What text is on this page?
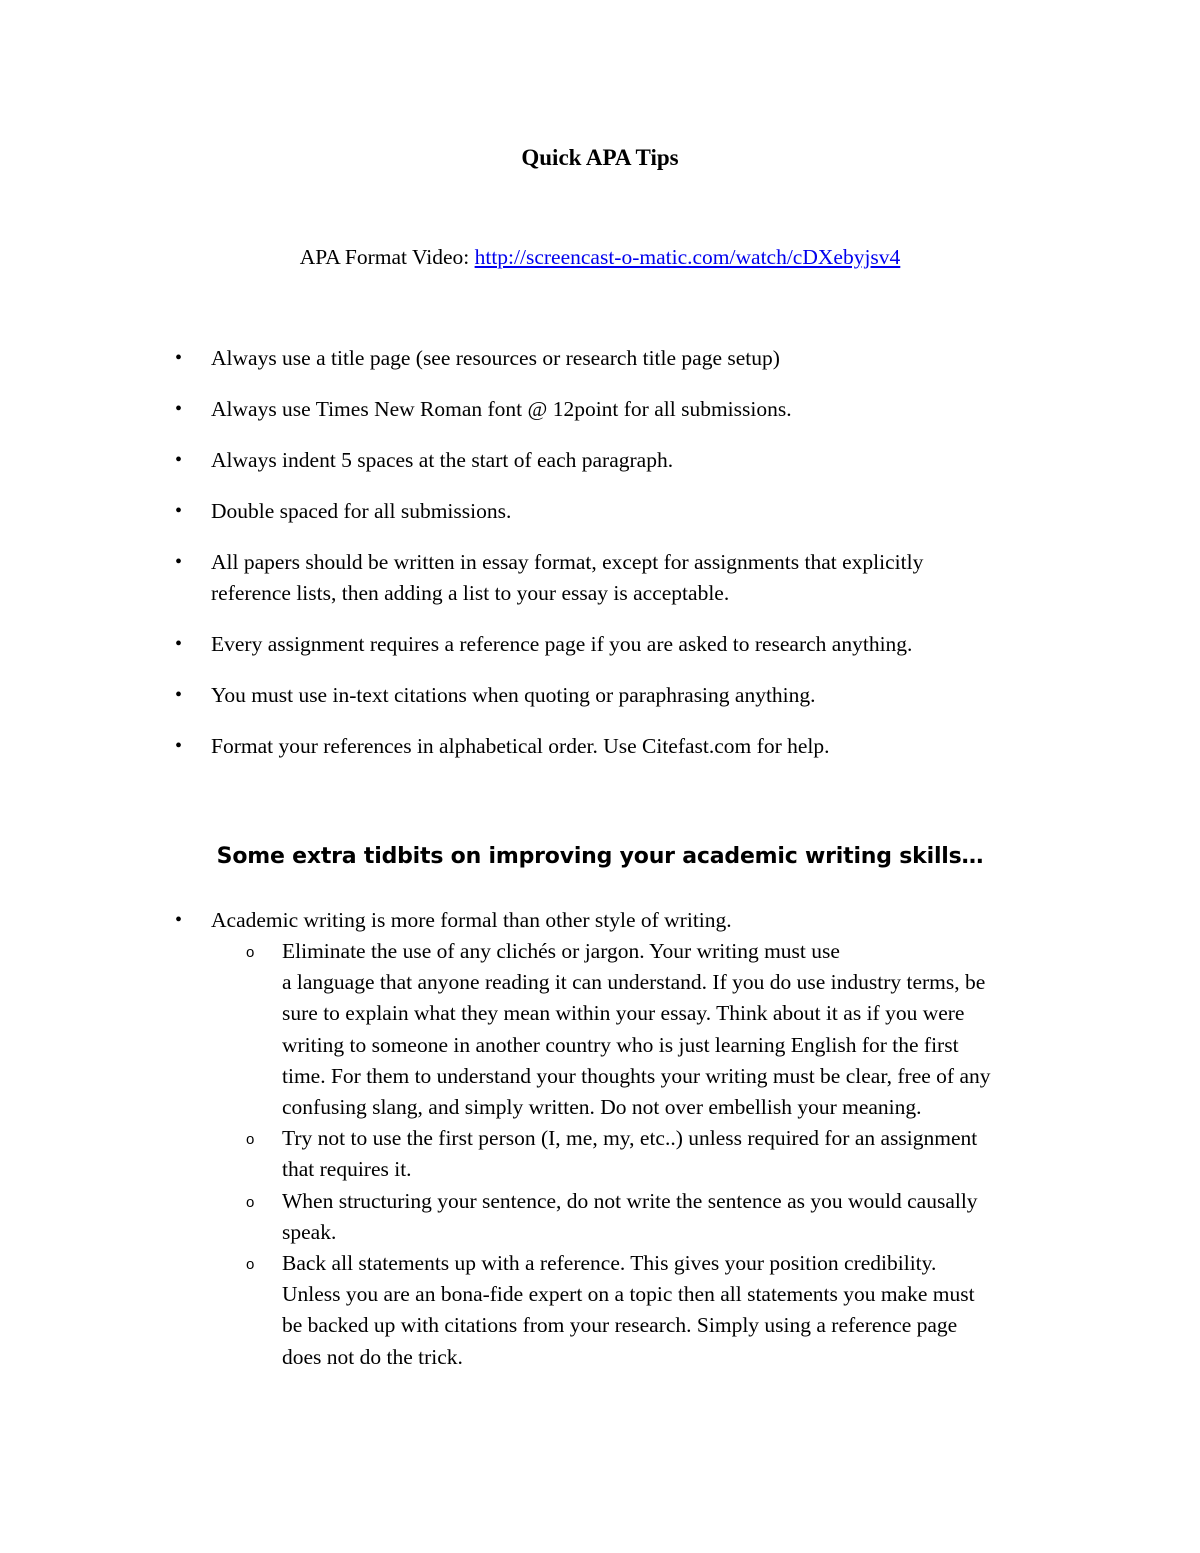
Quick APA Tips
APA Format Video: http://screencast-o-matic.com/watch/cDXebyjsv4
• Always use a title page (see resources or research title page setup)
• Always use Times New Roman font @ 12point for all submissions.
• Always indent 5 spaces at the start of each paragraph.
• Double spaced for all submissions.
• All papers should be written in essay format, except for assignments that explicitly
reference lists, then adding a list to your essay is acceptable.
• Every assignment requires a reference page if you are asked to research anything.
• You must use in-text citations when quoting or paraphrasing anything.
• Format your references in alphabetical order. Use Citefast.com for help.
Some extra tidbits on improving your academic writing skills…
• Academic writing is more formal than other style of writing.
o Eliminate the use of any clichés or jargon. Your writing must use
a language that anyone reading it can understand. If you do use industry terms, be
sure to explain what they mean within your essay. Think about it as if you were
writing to someone in another country who is just learning English for the first
time. For them to understand your thoughts your writing must be clear, free of any
confusing slang, and simply written. Do not over embellish your meaning.
o Try not to use the first person (I, me, my, etc..) unless required for an assignment
that requires it.
o When structuring your sentence, do not write the sentence as you would causally
speak.
o Back all statements up with a reference. This gives your position credibility.
Unless you are an bona-fide expert on a topic then all statements you make must
be backed up with citations from your research. Simply using a reference page
does not do the trick.
